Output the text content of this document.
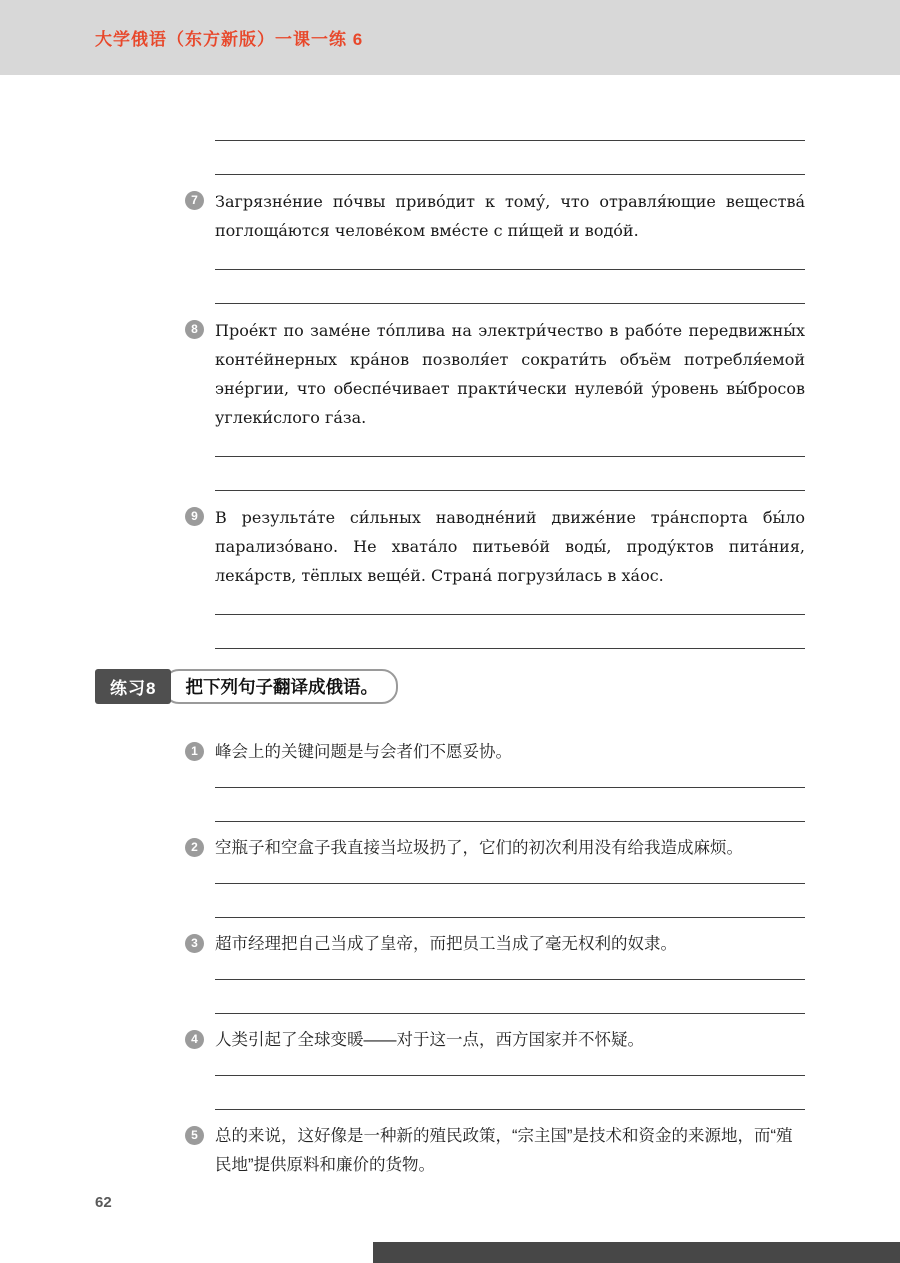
大学俄语（东方新版）一课一练 6
7	Загрязне́ние по́чвы приво́дит к тому́, что отравля́ющие вещества́ поглоща́ются челове́ком вме́сте с пи́щей и водо́й.

8	Прое́кт по заме́не то́плива на электри́чество в рабо́те передвижны́х конте́йнерных кра́нов позволя́ет сократи́ть объём потребля́емой эне́ргии, что обеспе́чивает практи́чески нулево́й у́ровень вы́бросов углеки́слого га́за.

9	В результа́те си́льных наводне́ний движе́ние тра́нспорта бы́ло парализо́вано. Не хвата́ло питьево́й воды́, проду́ктов пита́ния, лека́рств, тёплых веще́й. Страна́ погрузи́лась в ха́ос.

练习8	把下列句子翻译成俄语。
1	峰会上的关键问题是与会者们不愿妥协。

2	空瓶子和空盒子我直接当垃圾扔了，它们的初次利用没有给我造成麻烦。

3	超市经理把自己当成了皇帝，而把员工当成了毫无权利的奴隶。

4	人类引起了全球变暖——对于这一点，西方国家并不怀疑。

5	总的来说，这好像是一种新的殖民政策，“宗主国”是技术和资金的来源地，而“殖民地”提供原料和廉价的货物。

62
